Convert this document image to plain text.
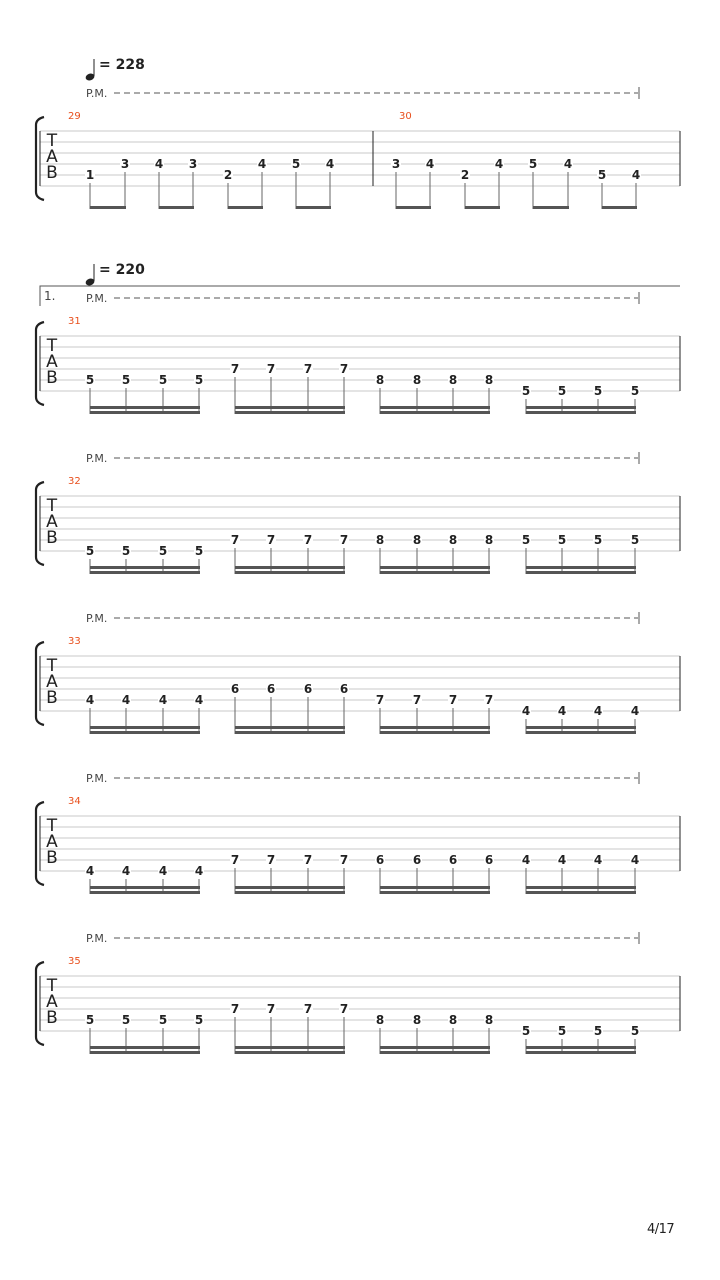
= 228
P.M.
T
A
B
29
1
3 4 3
2
4 5 4
30
3 4
2
4 5 4
5 4
= 220
P.M.
1.
T
A
B
31
5 5 5 5
7 7 7 7
8 8 8 8
5 5 5 5
P.M.
T
A
B
32
5 5 5 5
7 7 7 7 8 8 8 8 5 5 5 5
P.M.
T
A
B
33
4 4 4 4
6 6 6 6
7 7 7 7
4 4 4 4
P.M.
T
A
B
34
4 4 4 4
7 7 7 7 6 6 6 6 4 4 4 4
P.M.
T
A
B
35
5 5 5 5
7 7 7 7
8 8 8 8
5 5 5 5
4/17
